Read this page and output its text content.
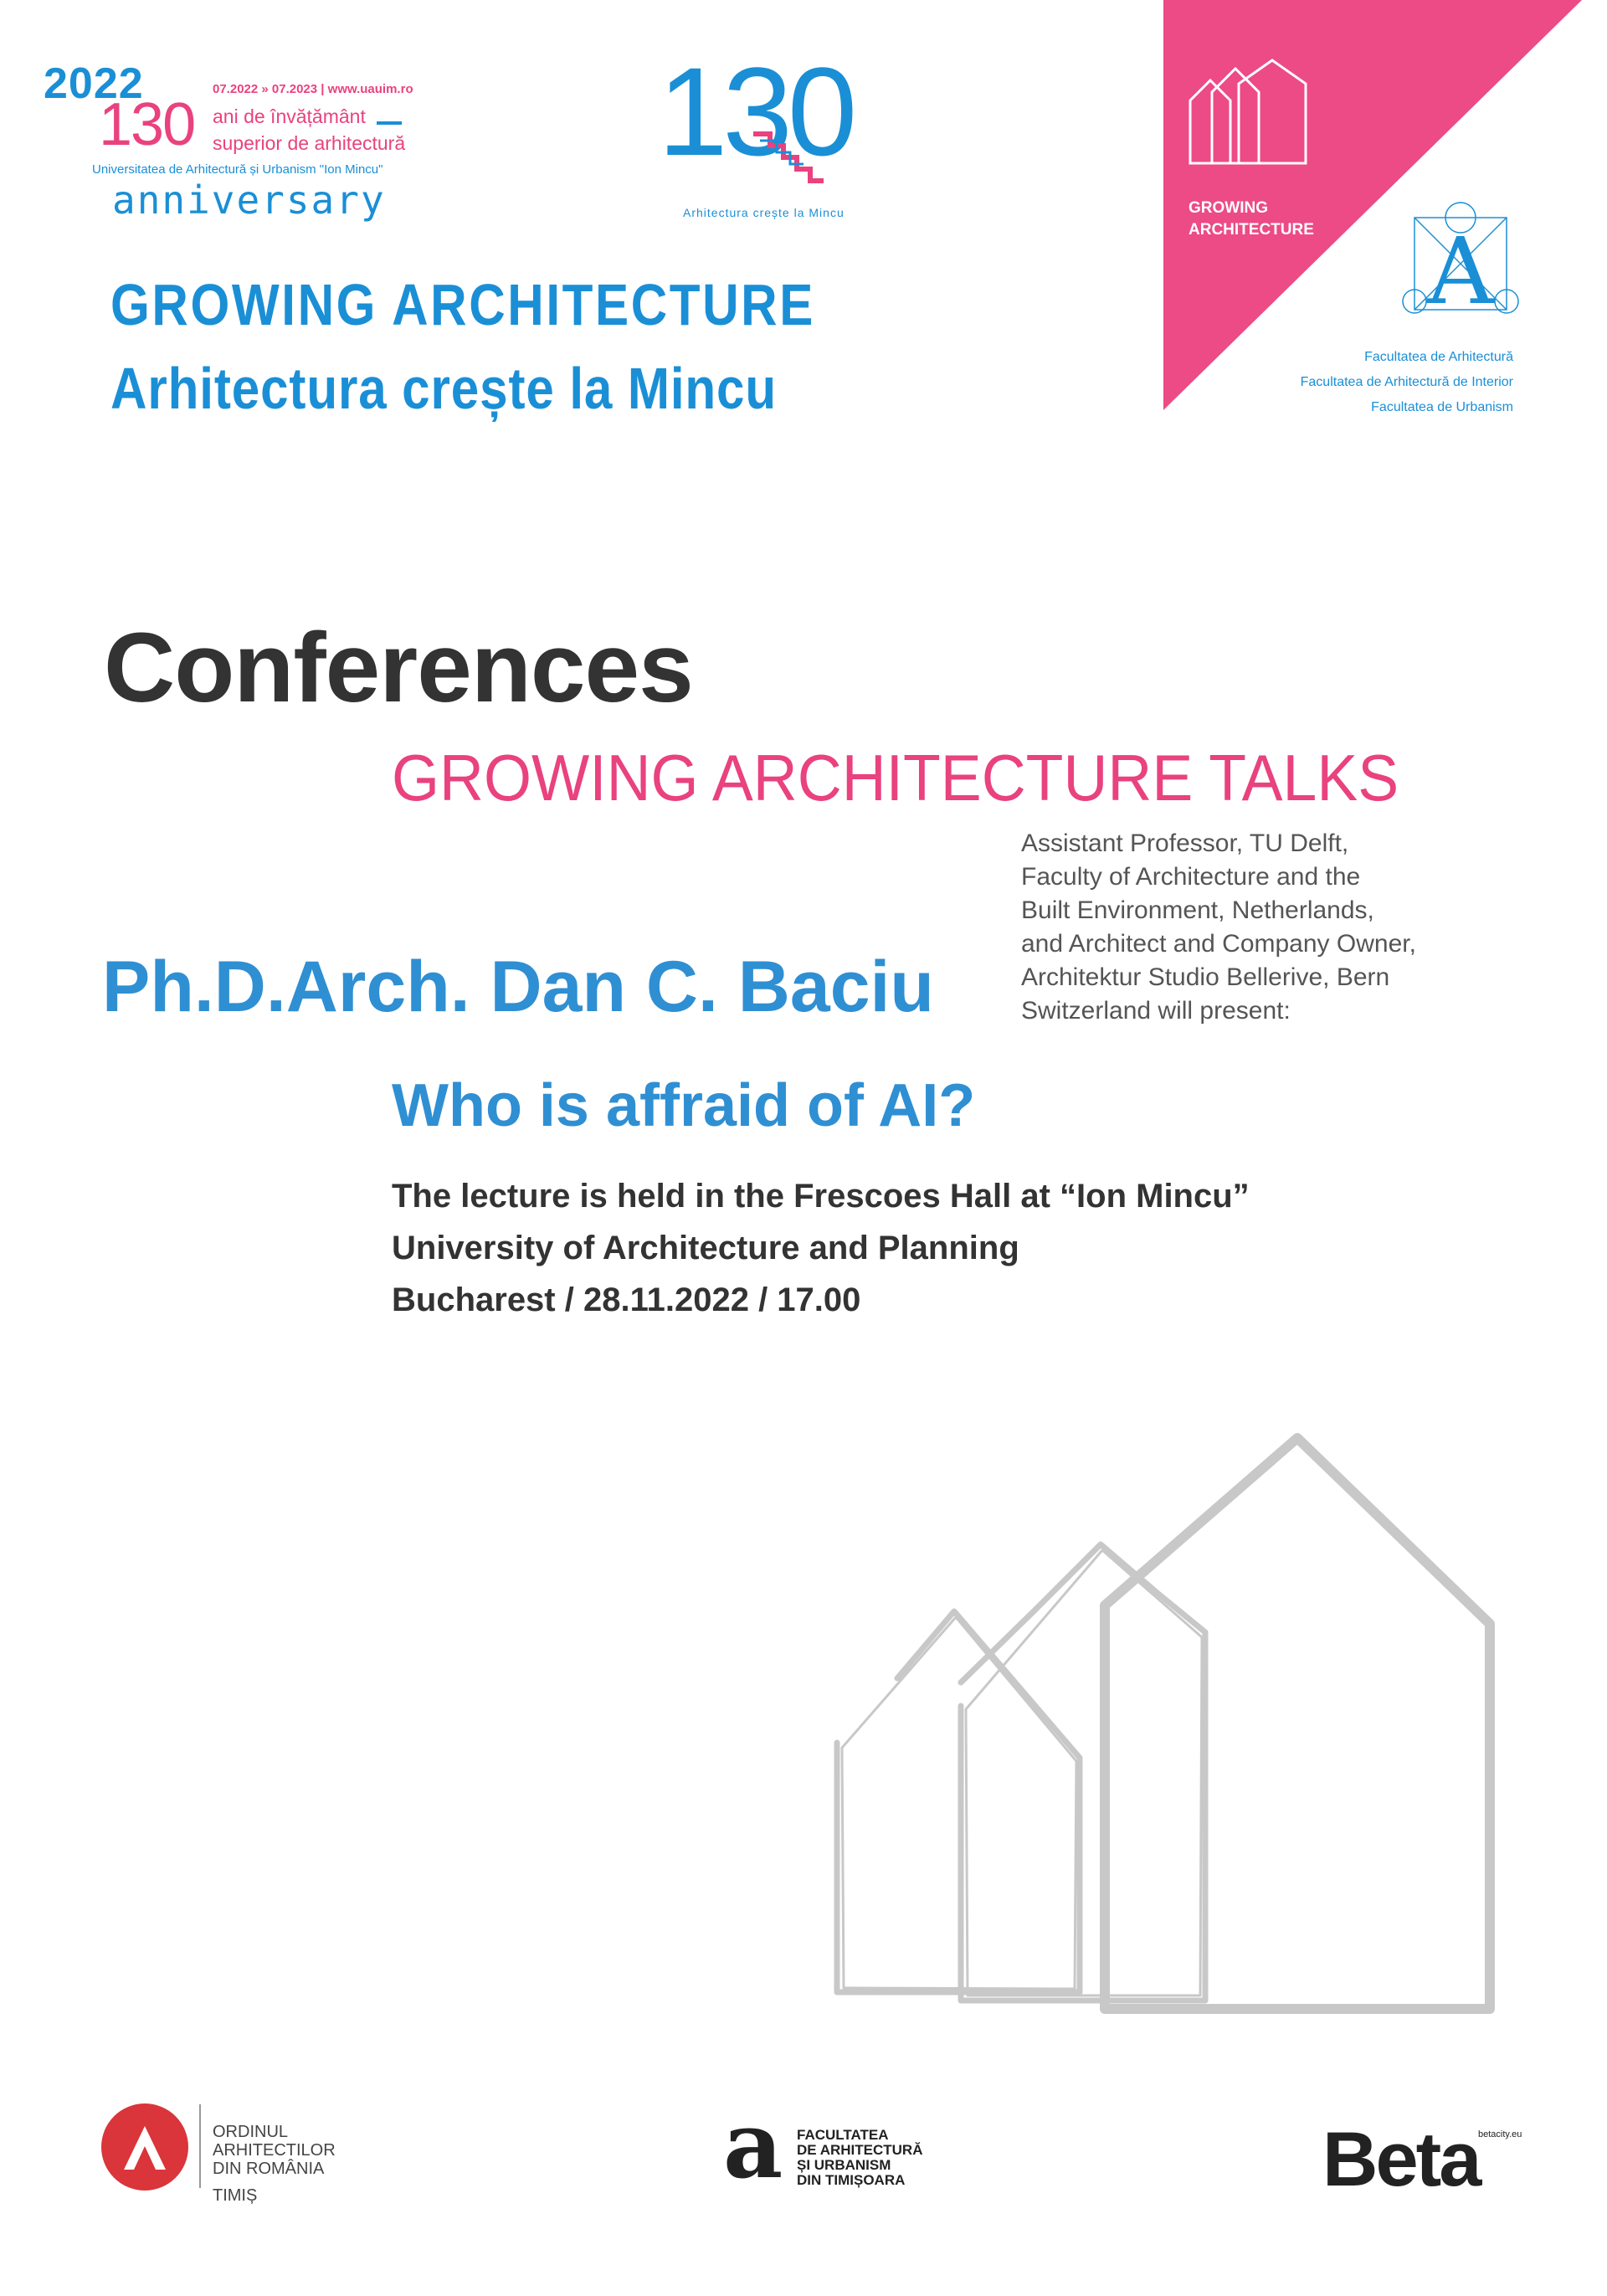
2022
130
07.2022 » 07.2023 | www.uauim.ro
ani de învățământ
superior de arhitectură
Universitatea de Arhitectură și Urbanism "Ion Mincu"
anniversary
130
Arhitectura crește la Mincu
GROWING ARCHITECTURE
Arhitectura crește la Mincu
GROWING
ARCHITECTURE A
Facultatea de Arhitectură
Facultatea de Arhitectură de Interior
Facultatea de Urbanism
Conferences
GROWING ARCHITECTURE TALKS
Assistant Professor, TU Delft,
Faculty of Architecture and the
Built Environment, Netherlands,
and Architect and Company Owner,
Architektur Studio Bellerive, Bern
Switzerland will present:
Ph.D.Arch. Dan C. Baciu
Who is affraid of AI?
The lecture is held in the Frescoes Hall at “Ion Mincu”
University of Architecture and Planning
Bucharest / 28.11.2022 / 17.00
ORDINUL
ARHITECTILOR
DIN ROMÂNIA
TIMIȘ	a FACULTATEA
DE ARHITECTURĂ
ȘI URBANISM
DIN TIMIȘOARA
betacity.eu
Beta
